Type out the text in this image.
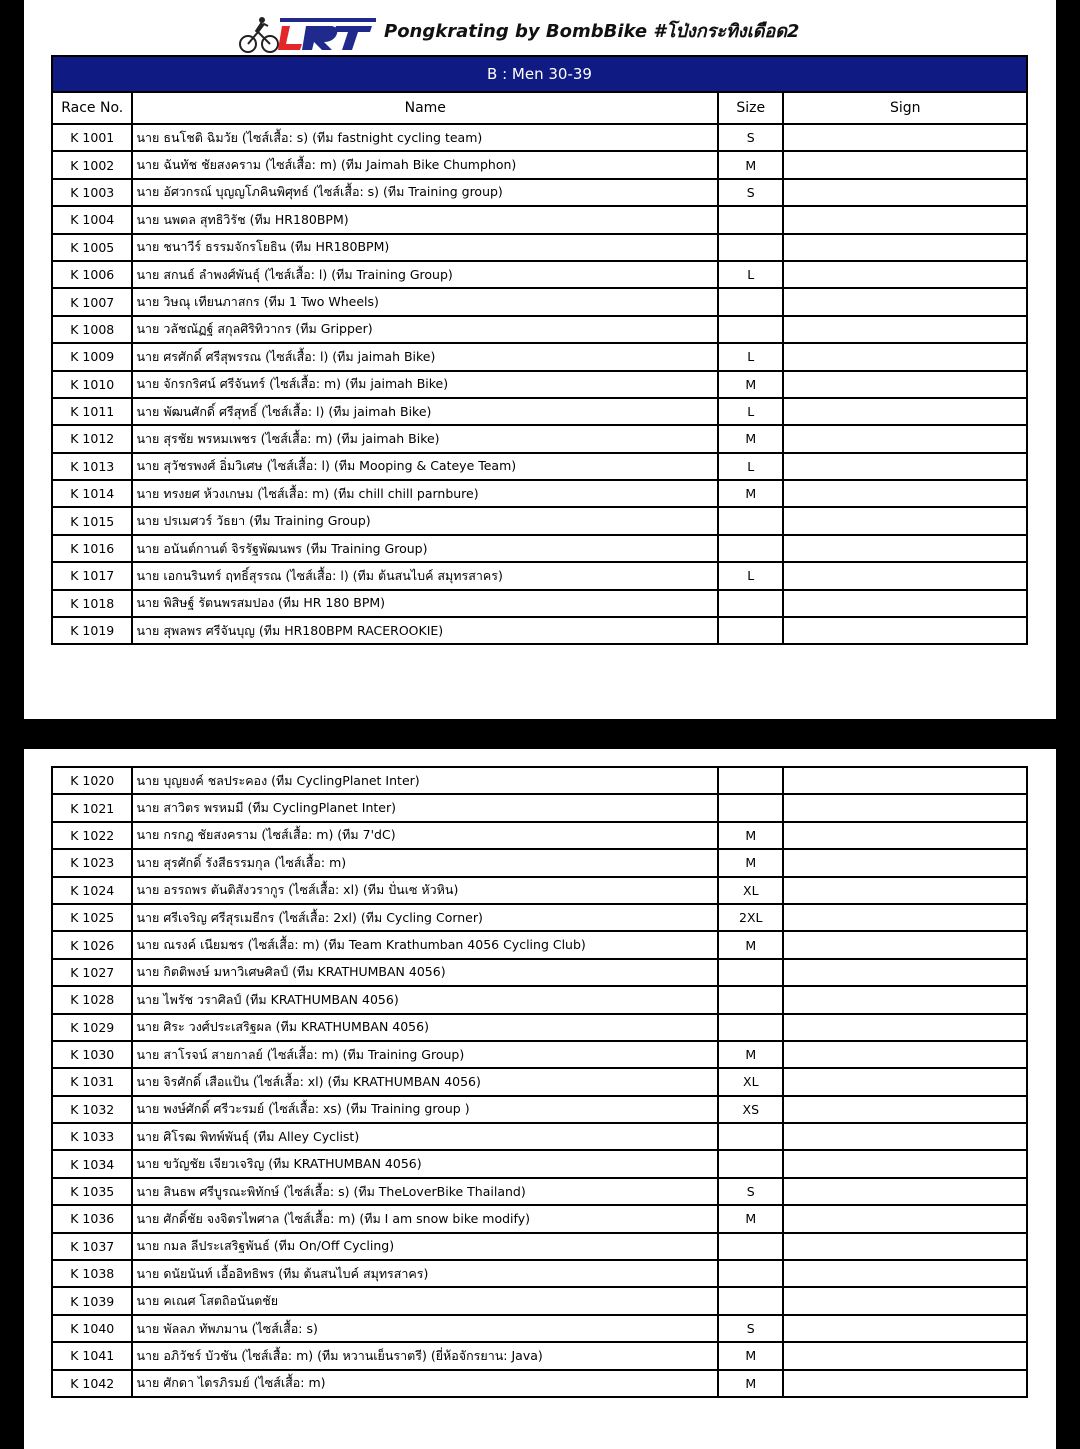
Pongkrating by BombBike #โป่งกระทิงเดือด2
B : Men 30-39			
Race No.	Name	Size	Sign
K 1001	นาย ธนโชติ ฉิมวัย (ไซส์เสื้อ: s) (ทีม fastnight cycling team)	S	
K 1002	นาย ฉันทัช ชัยสงคราม (ไซส์เสื้อ: m) (ทีม Jaimah Bike Chumphon)	M	
K 1003	นาย อัศวกรณ์ บุญญโภคินพิศุทธ์ (ไซส์เสื้อ: s) (ทีม Training group)	S	
K 1004	นาย นพดล สุทธิวิรัช (ทีม HR180BPM)		
K 1005	นาย ชนาวีร์ ธรรมจักรโยธิน (ทีม HR180BPM)		
K 1006	นาย สกนธ์ ลำพงศ์พันธุ์ (ไซส์เสื้อ: l) (ทีม Training Group)	L	
K 1007	นาย วิษณุ เทียนภาสกร (ทีม 1 Two Wheels)		
K 1008	นาย วลัชณัฏฐ์ สกุลศิริทิวากร (ทีม Gripper)		
K 1009	นาย ศรศักดิ์ ศรีสุพรรณ (ไซส์เสื้อ: l) (ทีม jaimah Bike)	L	
K 1010	นาย จักรกริศน์ ศรีจันทร์ (ไซส์เสื้อ: m) (ทีม jaimah Bike)	M	
K 1011	นาย พัฒนศักดิ์ ศรีสุทธิ์ (ไซส์เสื้อ: l) (ทีม jaimah Bike)	L	
K 1012	นาย สุรชัย พรหมเพชร (ไซส์เสื้อ: m) (ทีม jaimah Bike)	M	
K 1013	นาย สุวัชรพงศ์ อิ่มวิเศษ (ไซส์เสื้อ: l) (ทีม Mooping & Cateye Team)	L	
K 1014	นาย ทรงยศ ห้วงเกษม (ไซส์เสื้อ: m) (ทีม chill chill parnbure)	M	
K 1015	นาย ปรเมศวร์ วัธยา (ทีม Training Group)		
K 1016	นาย อนันต์กานต์ จิรรัฐพัฒนพร (ทีม Training Group)		
K 1017	นาย เอกนรินทร์ ฤทธิ์สุรรณ (ไซส์เสื้อ: l) (ทีม ต้นสนไบค์ สมุทรสาคร)	L	
K 1018	นาย พิสิษฐ์ รัตนพรสมปอง (ทีม HR 180 BPM)		
K 1019	นาย สุพลพร ศรีจันบุญ (ทีม HR180BPM RACEROOKIE)		
K 1020	นาย บุญยงค์ ชลประคอง (ทีม CyclingPlanet Inter)		
K 1021	นาย สาวิตร พรหมมี (ทีม CyclingPlanet Inter)		
K 1022	นาย กรกฎ ชัยสงคราม (ไซส์เสื้อ: m) (ทีม 7'dC)	M	
K 1023	นาย สุรศักดิ์ รังสีธรรมกุล (ไซส์เสื้อ: m)	M	
K 1024	นาย อรรถพร ตันติสังวรากูร (ไซส์เสื้อ: xl) (ทีม ปั่นเซ หัวหิน)	XL	
K 1025	นาย ศรีเจริญ ศรีสุรเมธีกร (ไซส์เสื้อ: 2xl) (ทีม Cycling Corner)	2XL	
K 1026	นาย ณรงค์ เนียมชร (ไซส์เสื้อ: m) (ทีม Team Krathumban 4056 Cycling Club)	M	
K 1027	นาย กิตติพงษ์ มหาวิเศษศิลป์ (ทีม KRATHUMBAN 4056)		
K 1028	นาย ไพรัช วราศิลป์ (ทีม KRATHUMBAN 4056)		
K 1029	นาย ศิระ วงศ์ประเสริฐผล (ทีม KRATHUMBAN 4056)		
K 1030	นาย สาโรจน์ สายกาลย์ (ไซส์เสื้อ: m) (ทีม Training Group)	M	
K 1031	นาย จิรศักดิ์ เสือแป้น (ไซส์เสื้อ: xl) (ทีม KRATHUMBAN 4056)	XL	
K 1032	นาย พงษ์ศักดิ์ ศรีวะรมย์ (ไซส์เสื้อ: xs) (ทีม Training group )	XS	
K 1033	นาย ศิโรฒ พิทพ์พันธุ์ (ทีม Alley Cyclist)		
K 1034	นาย ขวัญชัย เจียวเจริญ (ทีม KRATHUMBAN 4056)		
K 1035	นาย สินธพ ศรีบูรณะพิทักษ์ (ไซส์เสื้อ: s) (ทีม TheLoverBike Thailand)	S	
K 1036	นาย ศักดิ์ชัย จงจิตรไพศาล (ไซส์เสื้อ: m) (ทีม I am snow bike modify)	M	
K 1037	นาย กมล ลีประเสริฐพันธ์ (ทีม On/Off Cycling)		
K 1038	นาย ดนัยนันท์ เอื้ออิทธิพร (ทีม ต้นสนไบค์ สมุทรสาคร)		
K 1039	นาย คเณศ โสตถิอนันตชัย		
K 1040	นาย พัลลภ ทัพภมาน (ไซส์เสื้อ: s)	S	
K 1041	นาย อภิวัชร์ บัวชัน (ไซส์เสื้อ: m) (ทีม หวานเย็นราตรี) (ยี่ห้อจักรยาน: Java)	M	
K 1042	นาย ศักดา ไตรภิรมย์ (ไซส์เสื้อ: m)	M	
